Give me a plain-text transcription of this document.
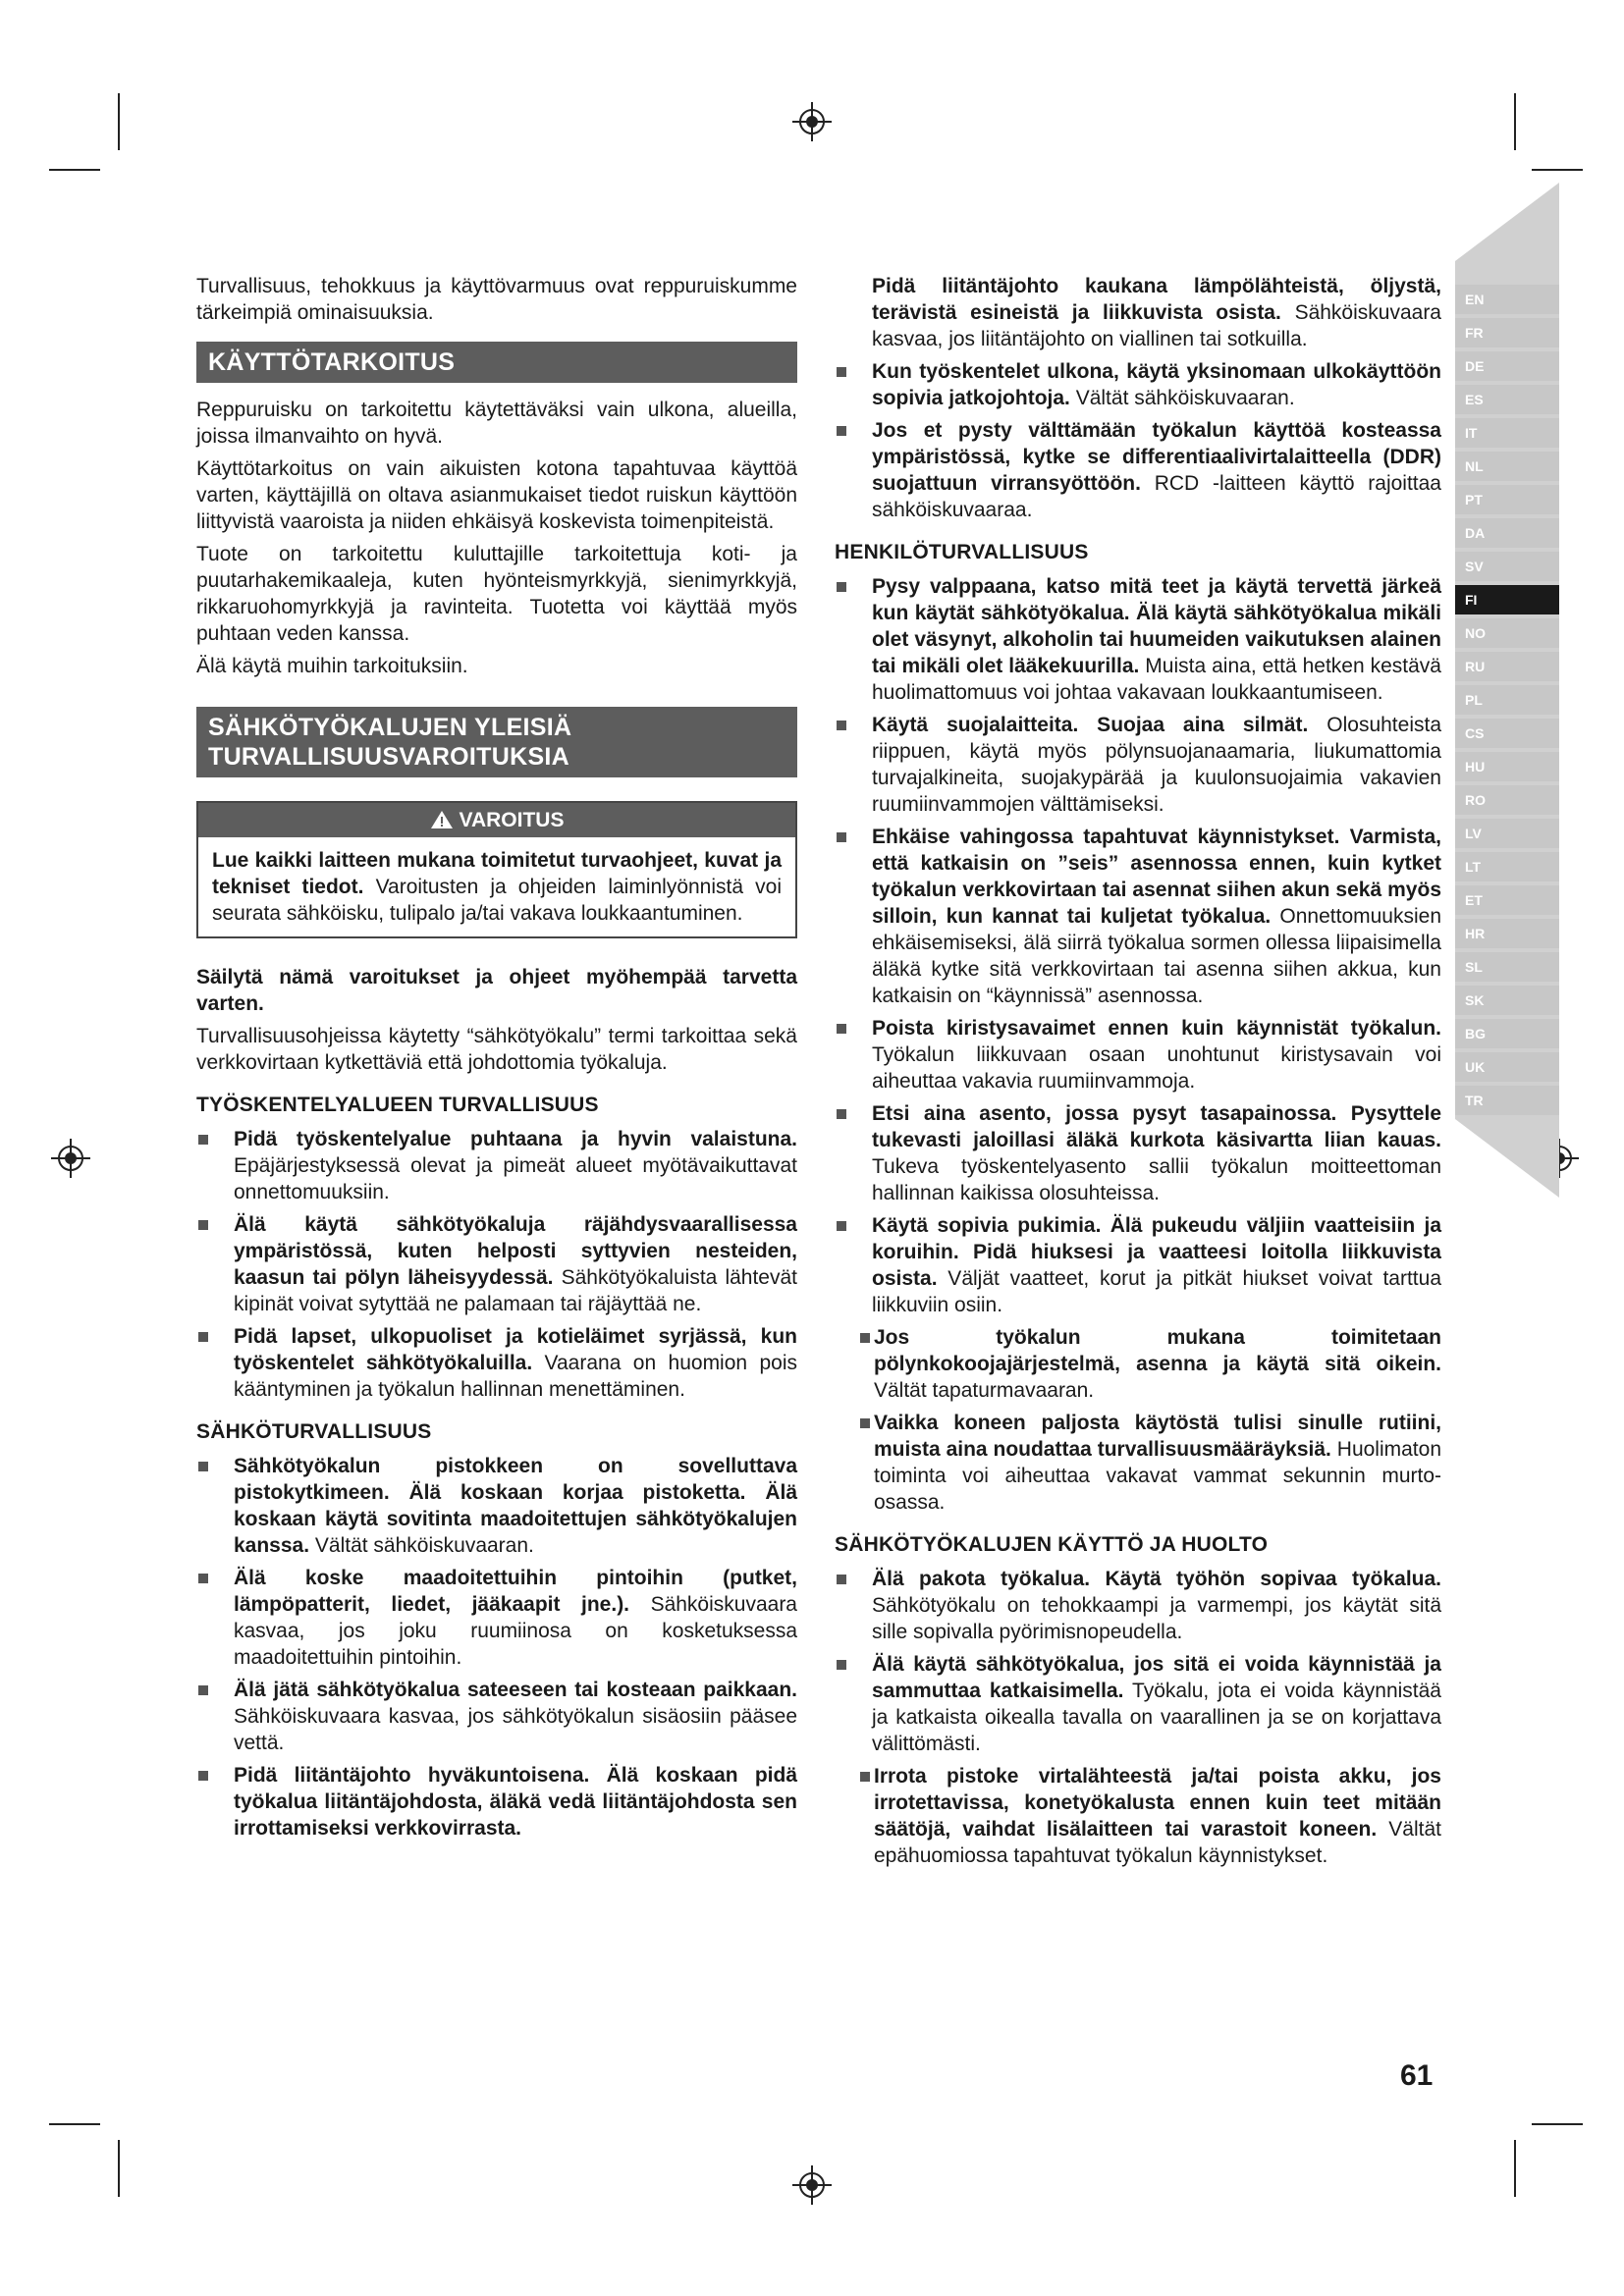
EN
FR
DE
ES
IT
NL
PT
DA
SV
FI
NO
RU
PL
CS
HU
RO
LV
LT
ET
HR
SL
SK
BG
UK
TR

Turvallisuus, tehokkuus ja käyttövarmuus ovat reppuruiskumme tärkeimpiä ominaisuuksia.

KÄYTTÖTARKOITUS

Reppuruisku on tarkoitettu käytettäväksi vain ulkona, alueilla, joissa ilmanvaihto on hyvä.

Käyttötarkoitus on vain aikuisten kotona tapahtuvaa käyttöä varten, käyttäjillä on oltava asianmukaiset tiedot ruiskun käyttöön liittyvistä vaaroista ja niiden ehkäisyä koskevista toimenpiteistä.

Tuote on tarkoitettu kuluttajille tarkoitettuja koti- ja puutarhakemikaaleja, kuten hyönteismyrkkyjä, sienimyrkkyjä, rikkaruohomyrkkyjä ja ravinteita. Tuotetta voi käyttää myös puhtaan veden kanssa.

Älä käytä muihin tarkoituksiin.

SÄHKÖTYÖKALUJEN YLEISIÄ
TURVALLISUUSVAROITUKSIA
VAROITUS
Lue kaikki laitteen mukana toimitetut turvaohjeet, kuvat ja tekniset tiedot. Varoitusten ja ohjeiden laiminlyönnistä voi seurata sähköisku, tulipalo ja/tai vakava loukkaantuminen.

Säilytä nämä varoitukset ja ohjeet myöhempää tarvetta varten.

Turvallisuusohjeissa käytetty “sähkötyökalu” termi tarkoittaa sekä verkkovirtaan kytkettäviä että johdottomia työkaluja.

TYÖSKENTELYALUEEN TURVALLISUUS
Pidä työskentelyalue puhtaana ja hyvin valaistuna. Epäjärjestyksessä olevat ja pimeät alueet myötävaikuttavat onnettomuuksiin.
Älä käytä sähkötyökaluja räjähdysvaarallisessa ympäristössä, kuten helposti syttyvien nesteiden, kaasun tai pölyn läheisyydessä. Sähkötyökaluista lähtevät kipinät voivat sytyttää ne palamaan tai räjäyttää ne.
Pidä lapset, ulkopuoliset ja kotieläimet syrjässä, kun työskentelet sähkötyökaluilla. Vaarana on huomion pois kääntyminen ja työkalun hallinnan menettäminen.
SÄHKÖTURVALLISUUS
Sähkötyökalun pistokkeen on sovelluttava pistokytkimeen. Älä koskaan korjaa pistoketta. Älä koskaan käytä sovitinta maadoitettujen sähkötyökalujen kanssa. Vältät sähköiskuvaaran.
Älä koske maadoitettuihin pintoihin (putket, lämpöpatterit, liedet, jääkaapit jne.). Sähköiskuvaara kasvaa, jos joku ruumiinosa on kosketuksessa maadoitettuihin pintoihin.
Älä jätä sähkötyökalua sateeseen tai kosteaan paikkaan. Sähköiskuvaara kasvaa, jos sähkötyökalun sisäosiin pääsee vettä.
Pidä liitäntäjohto hyväkuntoisena. Älä koskaan pidä työkalua liitäntäjohdosta, äläkä vedä liitäntäjohdosta sen irrottamiseksi verkkovirrasta.

Pidä liitäntäjohto kaukana lämpölähteistä, öljystä, terävistä esineistä ja liikkuvista osista. Sähköiskuvaara kasvaa, jos liitäntäjohto on viallinen tai sotkuilla.

Kun työskentelet ulkona, käytä yksinomaan ulkokäyttöön sopivia jatkojohtoja. Vältät sähköiskuvaaran.
Jos et pysty välttämään työkalun käyttöä kosteassa ympäristössä, kytke se differentiaalivirtalaitteella (DDR) suojattuun virransyöttöön. RCD -laitteen käyttö rajoittaa sähköiskuvaaraa.
HENKILÖTURVALLISUUS
Pysy valppaana, katso mitä teet ja käytä tervettä järkeä kun käytät sähkötyökalua. Älä käytä sähkötyökalua mikäli olet väsynyt, alkoholin tai huumeiden vaikutuksen alainen tai mikäli olet lääkekuurilla. Muista aina, että hetken kestävä huolimattomuus voi johtaa vakavaan loukkaantumiseen.
Käytä suojalaitteita. Suojaa aina silmät. Olosuhteista riippuen, käytä myös pölynsuojanaamaria, liukumattomia turvajalkineita, suojakypärää ja kuulonsuojaimia vakavien ruumiinvammojen välttämiseksi.
Ehkäise vahingossa tapahtuvat käynnistykset. Varmista, että katkaisin on ”seis” asennossa ennen, kuin kytket työkalun verkkovirtaan tai asennat siihen akun sekä myös silloin, kun kannat tai kuljetat työkalua. Onnettomuuksien ehkäisemiseksi, älä siirrä työkalua sormen ollessa liipaisimella äläkä kytke sitä verkkovirtaan tai asenna siihen akkua, kun katkaisin on “käynnissä” asennossa.
Poista kiristysavaimet ennen kuin käynnistät työkalun. Työkalun liikkuvaan osaan unohtunut kiristysavain voi aiheuttaa vakavia ruumiinvammoja.
Etsi aina asento, jossa pysyt tasapainossa. Pysyttele tukevasti jaloillasi äläkä kurkota käsivartta liian kauas. Tukeva työskentelyasento sallii työkalun moitteettoman hallinnan kaikissa olosuhteissa.
Käytä sopivia pukimia. Älä pukeudu väljiin vaatteisiin ja koruihin. Pidä hiuksesi ja vaatteesi loitolla liikkuvista osista. Väljät vaatteet, korut ja pitkät hiukset voivat tarttua liikkuviin osiin.
Jos työkalun mukana toimitetaan pölynkokoojajärjestelmä, asenna ja käytä sitä oikein. Vältät tapaturmavaaran.
Vaikka koneen paljosta käytöstä tulisi sinulle rutiini, muista aina noudattaa turvallisuusmääräyksiä. Huolimaton toiminta voi aiheuttaa vakavat vammat sekunnin murto-osassa.
SÄHKÖTYÖKALUJEN KÄYTTÖ JA HUOLTO
Älä pakota työkalua. Käytä työhön sopivaa työkalua. Sähkötyökalu on tehokkaampi ja varmempi, jos käytät sitä sille sopivalla pyörimisnopeudella.
Älä käytä sähkötyökalua, jos sitä ei voida käynnistää ja sammuttaa katkaisimella. Työkalu, jota ei voida käynnistää ja katkaista oikealla tavalla on vaarallinen ja se on korjattava välittömästi.
Irrota pistoke virtalähteestä ja/tai poista akku, jos irrotettavissa, konetyökalusta ennen kuin teet mitään säätöjä, vaihdat lisälaitteen tai varastoit koneen. Vältät epähuomiossa tapahtuvat työkalun käynnistykset.
61
